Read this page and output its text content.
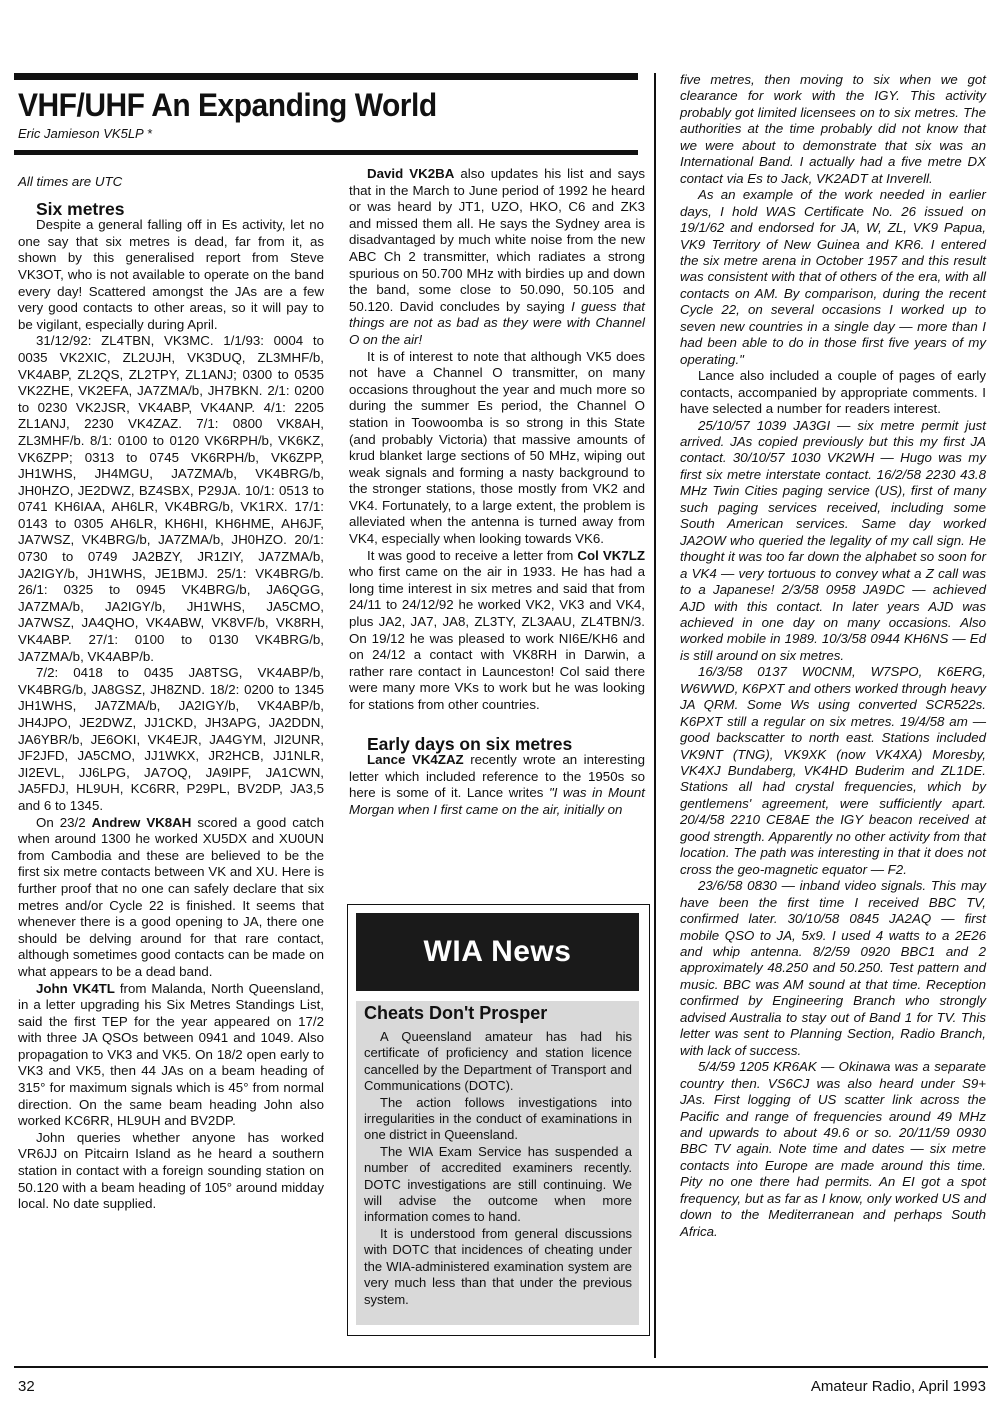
VHF/UHF An Expanding World
Eric Jamieson VK5LP *

All times are UTC

Six metres

Despite a general falling off in Es activity, let no one say that six metres is dead, far from it, as shown by this generalised report from Steve VK3OT, who is not available to operate on the band every day! Scattered amongst the JAs are a few very good contacts to other areas, so it will pay to be vigilant, especially during April.

31/12/92: ZL4TBN, VK3MC. 1/1/93: 0004 to 0035 VK2XIC, ZL2UJH, VK3DUQ, ZL3MHF/b, VK4ABP, ZL2QS, ZL2TPY, ZL1ANJ; 0300 to 0535 VK2ZHE, VK2EFA, JA7ZMA/b, JH7BKN. 2/1: 0200 to 0230 VK2JSR, VK4ABP, VK4ANP. 4/1: 2205 ZL1ANJ, 2230 VK4ZAZ. 7/1: 0800 VK8AH, ZL3MHF/b. 8/1: 0100 to 0120 VK6RPH/b, VK6KZ, VK6ZPP; 0313 to 0745 VK6RPH/b, VK6ZPP, JH1WHS, JH4MGU, JA7ZMA/b, VK4BRG/b, JH0HZO, JE2DWZ, BZ4SBX, P29JA. 10/1: 0513 to 0741 KH6IAA, AH6LR, VK4BRG/b, VK1RX. 17/1: 0143 to 0305 AH6LR, KH6HI, KH6HME, AH6JF, JA7WSZ, VK4BRG/b, JA7ZMA/b, JH0HZO. 20/1: 0730 to 0749 JA2BZY, JR1ZIY, JA7ZMA/b, JA2IGY/b, JH1WHS, JE1BMJ. 25/1: VK4BRG/b. 26/1: 0325 to 0945 VK4BRG/b, JA6QGG, JA7ZMA/b, JA2IGY/b, JH1WHS, JA5CMO, JA7WSZ, JA4QHO, VK4ABW, VK8VF/b, VK8RH, VK4ABP. 27/1: 0100 to 0130 VK4BRG/b, JA7ZMA/b, VK4ABP/b.

7/2: 0418 to 0435 JA8TSG, VK4ABP/b, VK4BRG/b, JA8GSZ, JH8ZND. 18/2: 0200 to 1345 JH1WHS, JA7ZMA/b, JA2IGY/b, VK4ABP/b, JH4JPO, JE2DWZ, JJ1CKD, JH3APG, JA2DDN, JA6YBR/b, JE6OKI, VK4EJR, JA4GYM, JI2UNR, JF2JFD, JA5CMO, JJ1WKX, JR2HCB, JJ1NLR, JI2EVL, JJ6LPG, JA7OQ, JA9IPF, JA1CWN, JA5FDJ, HL9UH, KC6RR, P29PL, BV2DP, JA3,5 and 6 to 1345.

On 23/2 Andrew VK8AH scored a good catch when around 1300 he worked XU5DX and XU0UN from Cambodia and these are believed to be the first six metre contacts between VK and XU. Here is further proof that no one can safely declare that six metres and/or Cycle 22 is finished. It seems that whenever there is a good opening to JA, there one should be delving around for that rare contact, although sometimes good contacts can be made on what appears to be a dead band.

John VK4TL from Malanda, North Queensland, in a letter upgrading his Six Metres Standings List, said the first TEP for the year appeared on 17/2 with three JA QSOs between 0941 and 1049. Also propagation to VK3 and VK5. On 18/2 open early to VK3 and VK5, then 44 JAs on a beam heading of 315° for maximum signals which is 45° from normal direction. On the same beam heading John also worked KC6RR, HL9UH and BV2DP.

John queries whether anyone has worked VR6JJ on Pitcairn Island as he heard a southern station in contact with a foreign sounding station on 50.120 with a beam heading of 105° around midday local. No date supplied.

David VK2BA also updates his list and says that in the March to June period of 1992 he heard or was heard by JT1, UZO, HKO, C6 and ZK3 and missed them all. He says the Sydney area is disadvantaged by much white noise from the new ABC Ch 2 transmitter, which radiates a strong spurious on 50.700 MHz with birdies up and down the band, some close to 50.090, 50.105 and 50.120. David concludes by saying I guess that things are not as bad as they were with Channel O on the air!

It is of interest to note that although VK5 does not have a Channel O transmitter, on many occasions throughout the year and much more so during the summer Es period, the Channel O station in Toowoomba is so strong in this State (and probably Victoria) that massive amounts of krud blanket large sections of 50 MHz, wiping out weak signals and forming a nasty background to the stronger stations, those mostly from VK2 and VK4. Fortunately, to a large extent, the problem is alleviated when the antenna is turned away from VK4, especially when looking towards VK6.

It was good to receive a letter from Col VK7LZ who first came on the air in 1933. He has had a long time interest in six metres and said that from 24/11 to 24/12/92 he worked VK2, VK3 and VK4, plus JA2, JA7, JA8, ZL3TY, ZL3AAU, ZL4TBN/3. On 19/12 he was pleased to work NI6E/KH6 and on 24/12 a contact with VK8RH in Darwin, a rather rare contact in Launceston! Col said there were many more VKs to work but he was looking for stations from other countries.

Early days on six metres

Lance VK4ZAZ recently wrote an interesting letter which included reference to the 1950s so here is some of it. Lance writes "I was in Mount Morgan when I first came on the air, initially on

WIA News
Cheats Don't Prosper

A Queensland amateur has had his certificate of proficiency and station licence cancelled by the Department of Transport and Communications (DOTC).

The action follows investigations into irregularities in the conduct of examinations in one district in Queensland.

The WIA Exam Service has suspended a number of accredited examiners recently. DOTC investigations are still continuing. We will advise the outcome when more information comes to hand.

It is understood from general discussions with DOTC that incidences of cheating under the WIA-administered examination system are very much less than that under the previous system.

five metres, then moving to six when we got clearance for work with the IGY. This activity probably got limited licensees on to six metres. The authorities at the time probably did not know that we were about to demonstrate that six was an International Band. I actually had a five metre DX contact via Es to Jack, VK2ADT at Inverell.

As an example of the work needed in earlier days, I hold WAS Certificate No. 26 issued on 19/1/62 and endorsed for JA, W, ZL, VK9 Papua, VK9 Territory of New Guinea and KR6. I entered the six metre arena in October 1957 and this result was consistent with that of others of the era, with all contacts on AM. By comparison, during the recent Cycle 22, on several occasions I worked up to seven new countries in a single day — more than I had been able to do in those first five years of my operating."

Lance also included a couple of pages of early contacts, accompanied by appropriate comments. I have selected a number for readers interest.

25/10/57 1039 JA3GI — six metre permit just arrived. JAs copied previously but this my first JA contact. 30/10/57 1030 VK2WH — Hugo was my first six metre interstate contact. 16/2/58 2230 43.8 MHz Twin Cities paging service (US), first of many such paging services received, including some South American services. Same day worked JA2OW who queried the legality of my call sign. He thought it was too far down the alphabet so soon for a VK4 — very tortuous to convey what a Z call was to a Japanese! 2/3/58 0958 JA9DC — achieved AJD with this contact. In later years AJD was achieved in one day on many occasions. Also worked mobile in 1989. 10/3/58 0944 KH6NS — Ed is still around on six metres.

16/3/58 0137 W0CNM, W7SPO, K6ERG, W6WWD, K6PXT and others worked through heavy JA QRM. Some Ws using converted SCR522s. K6PXT still a regular on six metres. 19/4/58 am — good backscatter to north east. Stations included VK9NT (TNG), VK9XK (now VK4XA) Moresby, VK4XJ Bundaberg, VK4HD Buderim and ZL1DE. Stations all had crystal frequencies, which by gentlemens' agreement, were sufficiently apart. 20/4/58 2210 CE8AE the IGY beacon received at good strength. Apparently no other activity from that location. The path was interesting in that it does not cross the geo-magnetic equator — F2.

23/6/58 0830 — inband video signals. This may have been the first time I received BBC TV, confirmed later. 30/10/58 0845 JA2AQ — first mobile QSO to JA, 5x9. I used 4 watts to a 2E26 and whip antenna. 8/2/59 0920 BBC1 and 2 approximately 48.250 and 50.250. Test pattern and music. BBC was AM sound at that time. Reception confirmed by Engineering Branch who strongly advised Australia to stay out of Band 1 for TV. This letter was sent to Planning Section, Radio Branch, with lack of success.

5/4/59 1205 KR6AK — Okinawa was a separate country then. VS6CJ was also heard under S9+ JAs. First logging of US scatter link across the Pacific and range of frequencies around 49 MHz and upwards to about 49.6 or so. 20/11/59 0930 BBC TV again. Note time and dates — six metre contacts into Europe are made around this time. Pity no one there had permits. An EI got a spot frequency, but as far as I know, only worked US and down to the Mediterranean and perhaps South Africa.

32	Amateur Radio, April 1993
